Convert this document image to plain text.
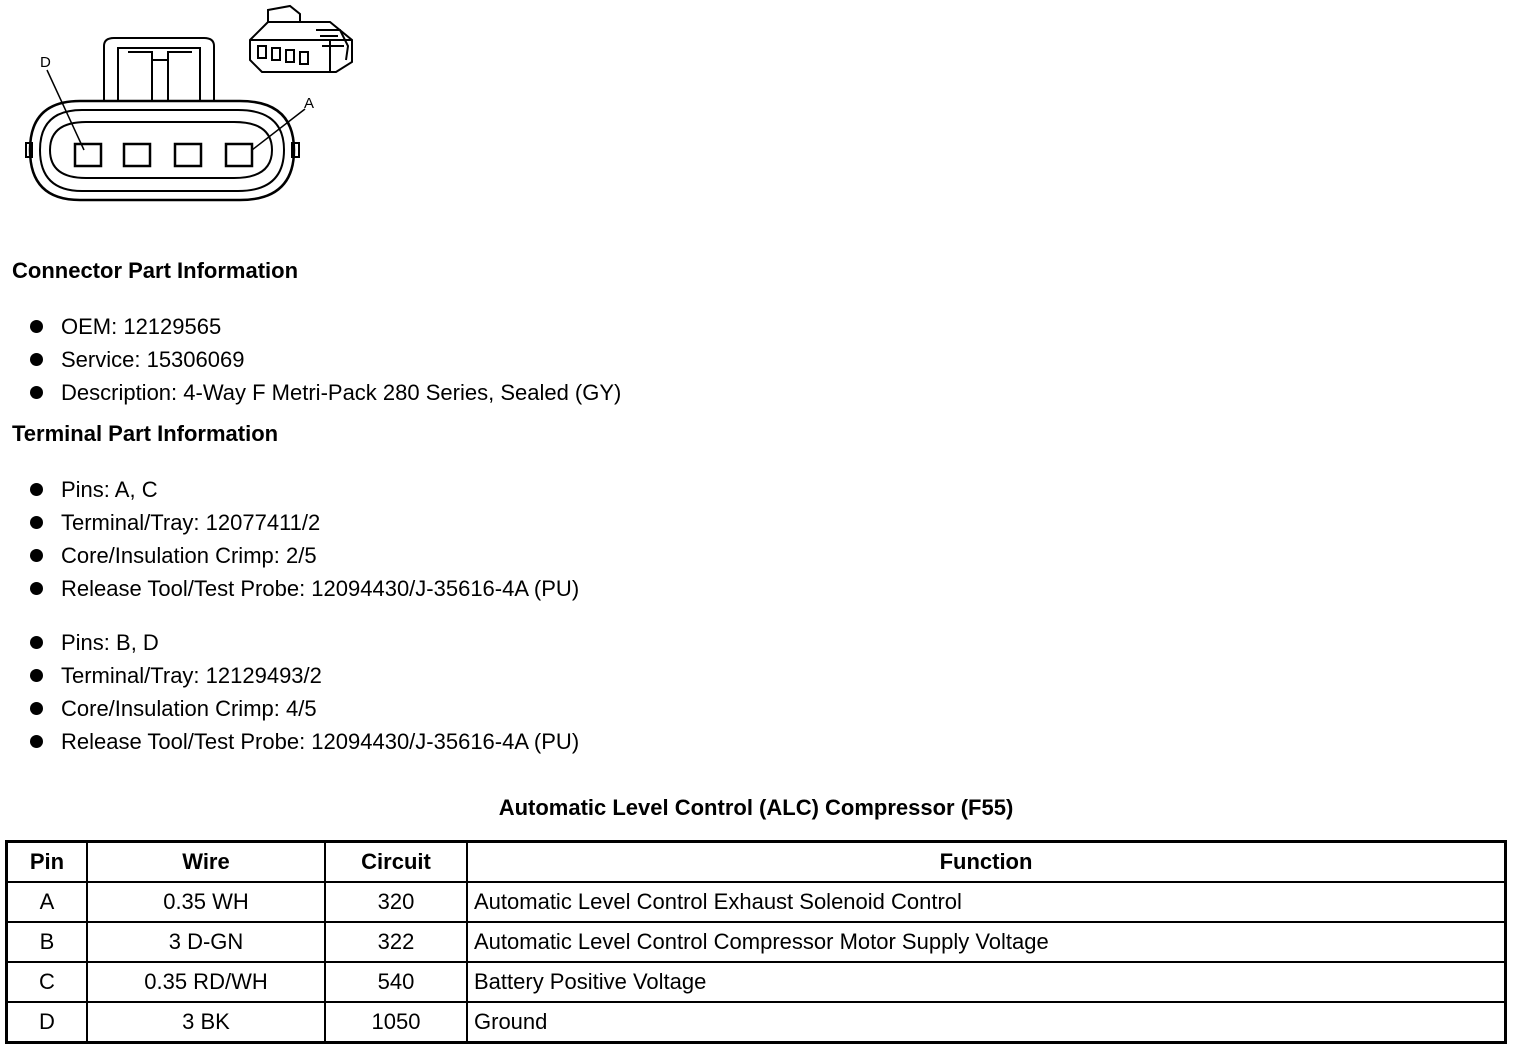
D
A
Connector Part Information
OEM: 12129565
Service: 15306069
Description: 4-Way F Metri-Pack 280 Series, Sealed (GY)
Terminal Part Information
Pins: A, C
Terminal/Tray: 12077411/2
Core/Insulation Crimp: 2/5
Release Tool/Test Probe: 12094430/J-35616-4A (PU)
Pins: B, D
Terminal/Tray: 12129493/2
Core/Insulation Crimp: 4/5
Release Tool/Test Probe: 12094430/J-35616-4A (PU)
Automatic Level Control (ALC) Compressor (F55)
Pin	Wire	Circuit	Function
A	0.35 WH	320	Automatic Level Control Exhaust Solenoid Control
B	3 D-GN	322	Automatic Level Control Compressor Motor Supply Voltage
C	0.35 RD/WH	540	Battery Positive Voltage
D	3 BK	1050	Ground
